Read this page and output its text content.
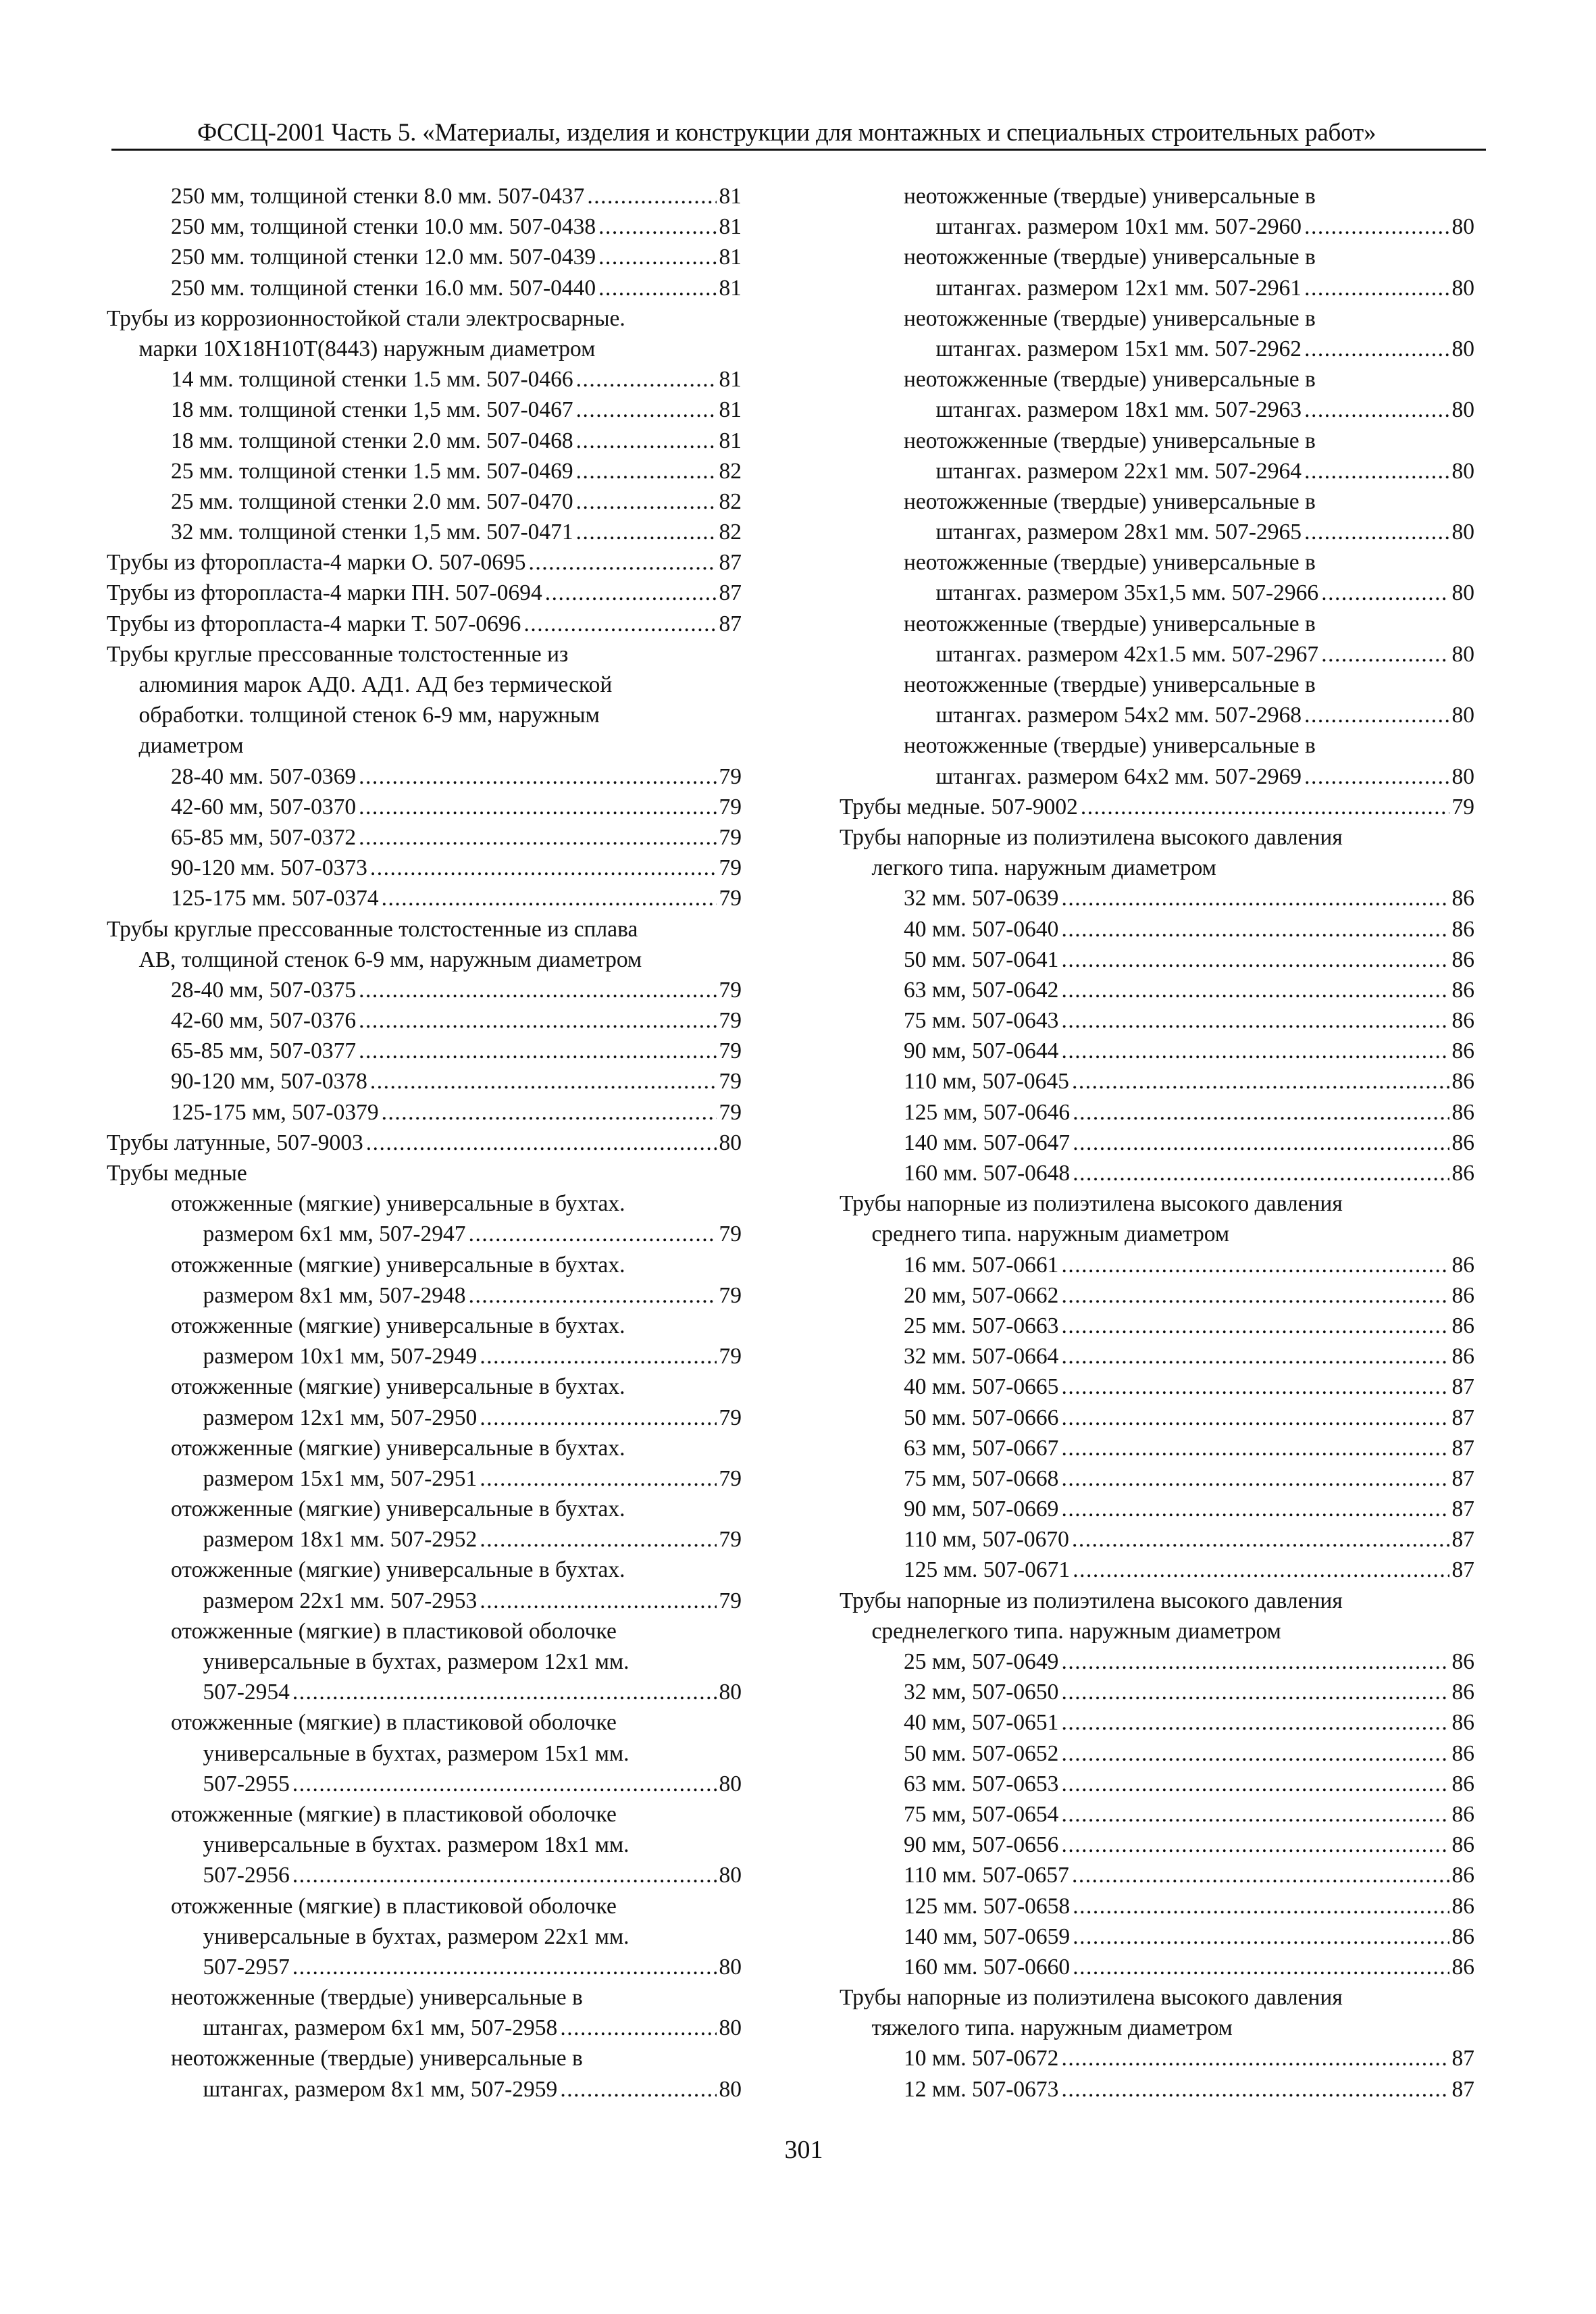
ФССЦ-2001 Часть 5. «Материалы, изделия и конструкции для монтажных и специальных строительных работ»
250 мм, толщиной стенки 8.0 мм. 507-0437 .....	81
250 мм, толщиной стенки 10.0 мм. 507-0438 .....	81
250 мм. толщиной стенки 12.0 мм. 507-0439 .....	81
250 мм. толщиной стенки 16.0 мм. 507-0440 .....	81
Трубы из коррозионностойкой стали электросварные.
марки 10Х18Н10Т(8443) наружным диаметром
14 мм. толщиной стенки 1.5 мм. 507-0466 .....	81
18 мм. толщиной стенки 1,5 мм. 507-0467 .....	81
18 мм. толщиной стенки 2.0 мм. 507-0468 .....	81
25 мм. толщиной стенки 1.5 мм. 507-0469 .....	82
25 мм. толщиной стенки 2.0 мм. 507-0470 .....	82
32 мм. толщиной стенки 1,5 мм. 507-0471 .....	82
Трубы из фторопласта-4 марки О. 507-0695 .....	87
Трубы из фторопласта-4 марки ПН. 507-0694 .....	87
Трубы из фторопласта-4 марки Т. 507-0696 .....	87
Трубы круглые прессованные толстостенные из
алюминия марок АД0. АД1. АД без термической
обработки. толщиной стенок 6-9 мм, наружным
диаметром
28-40 мм. 507-0369 .....	79
42-60 мм, 507-0370 .....	79
65-85 мм, 507-0372 .....	79
90-120 мм. 507-0373 .....	79
125-175 мм. 507-0374 .....	79
Трубы круглые прессованные толстостенные из сплава
АВ, толщиной стенок 6-9 мм, наружным диаметром
28-40 мм, 507-0375 .....	79
42-60 мм, 507-0376 .....	79
65-85 мм, 507-0377 .....	79
90-120 мм, 507-0378 .....	79
125-175 мм, 507-0379 .....	79
Трубы латунные, 507-9003 .....	80
Трубы медные
отожженные (мягкие) универсальные в бухтах.
размером 6х1 мм, 507-2947 .....	79
отожженные (мягкие) универсальные в бухтах.
размером 8х1 мм, 507-2948 .....	79
отожженные (мягкие) универсальные в бухтах.
размером 10х1 мм, 507-2949 .....	79
отожженные (мягкие) универсальные в бухтах.
размером 12х1 мм, 507-2950 .....	79
отожженные (мягкие) универсальные в бухтах.
размером 15х1 мм, 507-2951 .....	79
отожженные (мягкие) универсальные в бухтах.
размером 18х1 мм. 507-2952 .....	79
отожженные (мягкие) универсальные в бухтах.
размером 22х1 мм. 507-2953 .....	79
отожженные (мягкие) в пластиковой оболочке
универсальные в бухтах, размером 12х1 мм.
507-2954 .....	80
отожженные (мягкие) в пластиковой оболочке
универсальные в бухтах, размером 15х1 мм.
507-2955 .....	80
отожженные (мягкие) в пластиковой оболочке
универсальные в бухтах. размером 18х1 мм.
507-2956 .....	80
отожженные (мягкие) в пластиковой оболочке
универсальные в бухтах, размером 22х1 мм.
507-2957 .....	80
неотожженные (твердые) универсальные в
штангах, размером 6х1 мм, 507-2958 .....	80
неотожженные (твердые) универсальные в
штангах, размером 8х1 мм, 507-2959 .....	80
неотожженные (твердые) универсальные в
штангах. размером 10х1 мм. 507-2960 .....	80
неотожженные (твердые) универсальные в
штангах. размером 12х1 мм. 507-2961 .....	80
неотожженные (твердые) универсальные в
штангах. размером 15х1 мм. 507-2962 .....	80
неотожженные (твердые) универсальные в
штангах. размером 18х1 мм. 507-2963 .....	80
неотожженные (твердые) универсальные в
штангах. размером 22х1 мм. 507-2964 .....	80
неотожженные (твердые) универсальные в
штангах, размером 28х1 мм. 507-2965 .....	80
неотожженные (твердые) универсальные в
штангах. размером 35х1,5 мм. 507-2966 .....	80
неотожженные (твердые) универсальные в
штангах. размером 42х1.5 мм. 507-2967 .....	80
неотожженные (твердые) универсальные в
штангах. размером 54х2 мм. 507-2968 .....	80
неотожженные (твердые) универсальные в
штангах. размером 64х2 мм. 507-2969 .....	80
Трубы медные. 507-9002 .....	79
Трубы напорные из полиэтилена высокого давления
легкого типа. наружным диаметром
32 мм. 507-0639 .....	86
40 мм. 507-0640 .....	86
50 мм. 507-0641 .....	86
63 мм, 507-0642 .....	86
75 мм. 507-0643 .....	86
90 мм, 507-0644 .....	86
110 мм, 507-0645 .....	86
125 мм, 507-0646 .....	86
140 мм. 507-0647 .....	86
160 мм. 507-0648 .....	86
Трубы напорные из полиэтилена высокого давления
среднего типа. наружным диаметром
16 мм. 507-0661 .....	86
20 мм, 507-0662 .....	86
25 мм. 507-0663 .....	86
32 мм. 507-0664 .....	86
40 мм. 507-0665 .....	87
50 мм. 507-0666 .....	87
63 мм, 507-0667 .....	87
75 мм, 507-0668 .....	87
90 мм, 507-0669 .....	87
110 мм, 507-0670 .....	87
125 мм. 507-0671 .....	87
Трубы напорные из полиэтилена высокого давления
среднелегкого типа. наружным диаметром
25 мм, 507-0649 .....	86
32 мм, 507-0650 .....	86
40 мм, 507-0651 .....	86
50 мм. 507-0652 .....	86
63 мм. 507-0653 .....	86
75 мм, 507-0654 .....	86
90 мм, 507-0656 .....	86
110 мм. 507-0657 .....	86
125 мм. 507-0658 .....	86
140 мм, 507-0659 .....	86
160 мм. 507-0660 .....	86
Трубы напорные из полиэтилена высокого давления
тяжелого типа. наружным диаметром
10 мм. 507-0672 .....	87
12 мм. 507-0673 .....	87
301
